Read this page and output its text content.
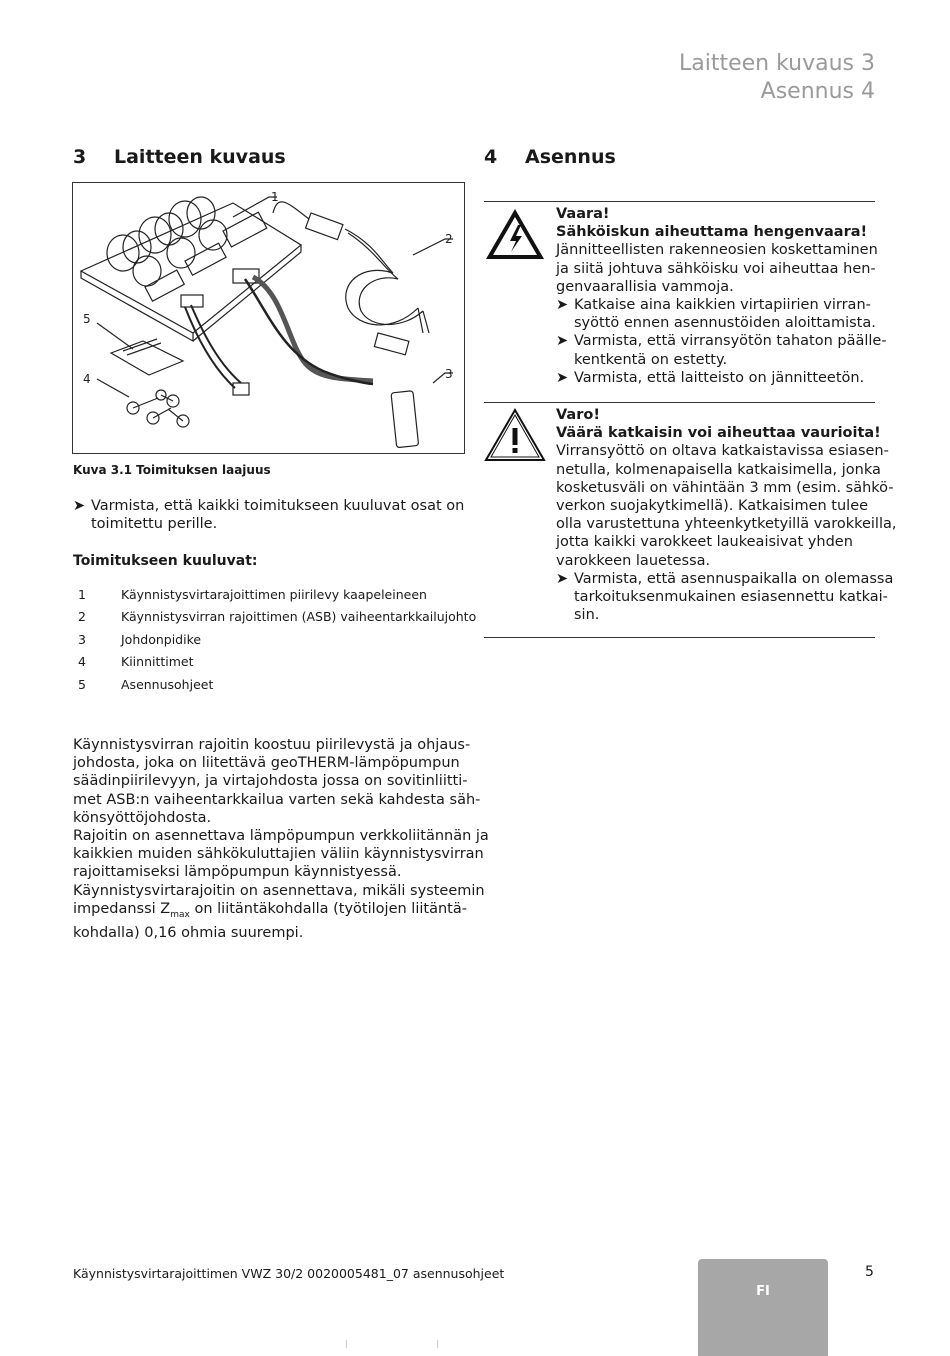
Laitteen kuvaus 3
Asennus 4
3 Laitteen kuvaus	4 Asennus
1
2
3
4
5
Kuva 3.1 Toimituksen laajuus
➤ Varmista, että kaikki toimitukseen kuuluvat osat on
toimitettu perille.
Toimitukseen kuuluvat:
1	Käynnistysvirtarajoittimen piirilevy kaapeleineen
2	Käynnistysvirran rajoittimen (ASB) vaiheentarkkailujohto
3	Johdonpidike
4	Kiinnittimet
5	Asennusohjeet
Käynnistysvirran rajoitin koostuu piirilevystä ja ohjaus-
johdosta, joka on liitettävä geoTHERM-lämpöpumpun
säädinpiirilevyyn, ja virtajohdosta jossa on sovitinliitti-
met ASB:n vaiheentarkkailua varten sekä kahdesta säh-
könsyöttöjohdosta.
Rajoitin on asennettava lämpöpumpun verkkoliitännän ja
kaikkien muiden sähkökuluttajien väliin käynnistysvirran
rajoittamiseksi lämpöpumpun käynnistyessä.
Käynnistysvirtarajoitin on asennettava, mikäli systeemin
impedanssi $Z_{max}$ on liitäntäkohdalla (työtilojen liitäntä-
kohdalla) 0,16 ohmia suurempi.
Vaara!
Sähköiskun aiheuttama hengenvaara!
Jännitteellisten rakenneosien koskettaminen
ja siitä johtuva sähköisku voi aiheuttaa hen-
genvaarallisia vammoja.
➤ Katkaise aina kaikkien virtapiirien virran-
syöttö ennen asennustöiden aloittamista.
➤ Varmista, että virransyötön tahaton päälle-
kentkentä on estetty.
➤ Varmista, että laitteisto on jännitteetön.
Varo!
Väärä katkaisin voi aiheuttaa vaurioita!
Virransyöttö on oltava katkaistavissa esiasen-
netulla, kolmenapaisella katkaisimella, jonka
kosketusväli on vähintään 3 mm (esim. sähkö-
verkon suojakytkimellä). Katkaisimen tulee
olla varustettuna yhteenkytketyillä varokkeilla,
jotta kaikki varokkeet laukeaisivat yhden
varokkeen lauetessa.
➤ Varmista, että asennuspaikalla on olemassa
tarkoituksenmukainen esiasennettu katkai-
sin.
Käynnistysvirtarajoittimen VWZ 30/2 0020005481_07 asennusohjeet
FI
5
